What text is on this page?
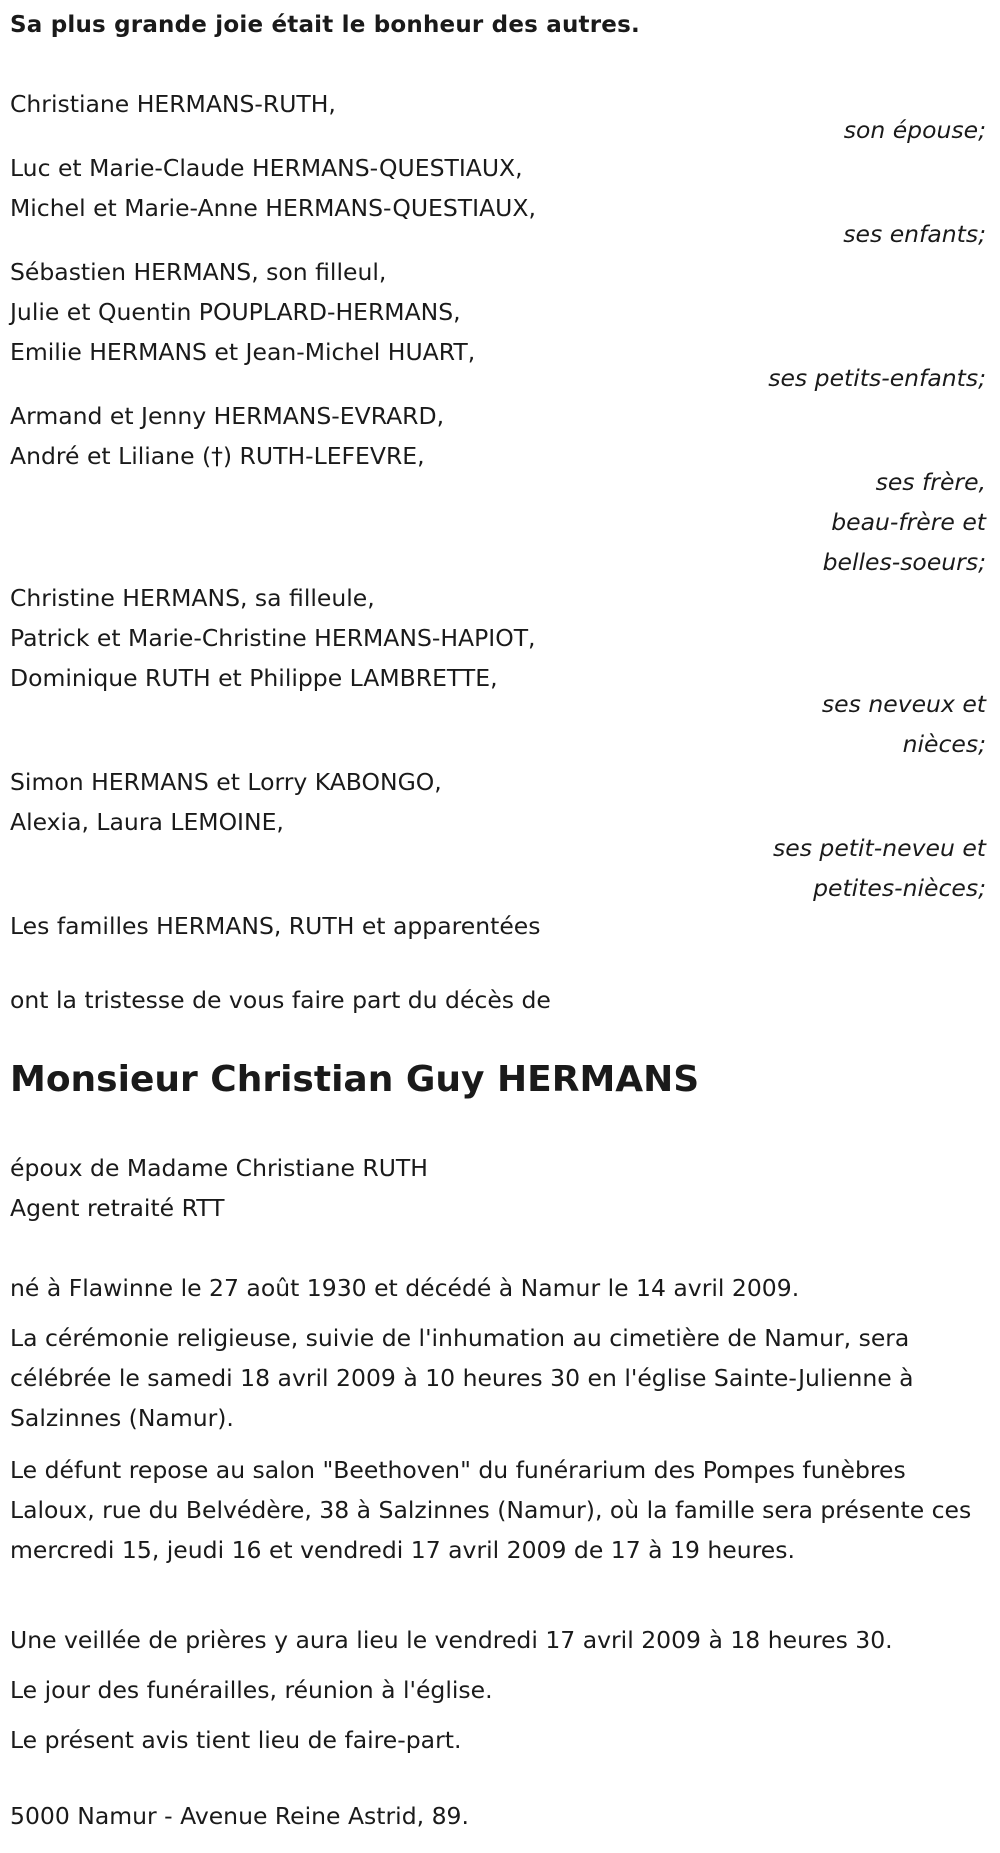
Sa plus grande joie était le bonheur des autres.
Christiane HERMANS-RUTH,
son épouse;
Luc et Marie-Claude HERMANS-QUESTIAUX,
Michel et Marie-Anne HERMANS-QUESTIAUX,
ses enfants;
Sébastien HERMANS, son filleul,
Julie et Quentin POUPLARD-HERMANS,
Emilie HERMANS et Jean-Michel HUART,
ses petits-enfants;
Armand et Jenny HERMANS-EVRARD,
André et Liliane (†) RUTH-LEFEVRE,
ses frère,
beau-frère et
belles-soeurs;
Christine HERMANS, sa filleule,
Patrick et Marie-Christine HERMANS-HAPIOT,
Dominique RUTH et Philippe LAMBRETTE,
ses neveux et
nièces;
Simon HERMANS et Lorry KABONGO,
Alexia, Laura LEMOINE,
ses petit-neveu et
petites-nièces;
Les familles HERMANS, RUTH et apparentées
ont la tristesse de vous faire part du décès de
Monsieur Christian Guy HERMANS
époux de Madame Christiane RUTH
Agent retraité RTT
né à Flawinne le 27 août 1930 et décédé à Namur le 14 avril 2009.
La cérémonie religieuse, suivie de l'inhumation au cimetière de Namur, sera célébrée le samedi 18 avril 2009 à 10 heures 30 en l'église Sainte-Julienne à Salzinnes (Namur).
Le défunt repose au salon "Beethoven" du funérarium des Pompes funèbres Laloux, rue du Belvédère, 38 à Salzinnes (Namur), où la famille sera présente ces mercredi 15, jeudi 16 et vendredi 17 avril 2009 de 17 à 19 heures.
Une veillée de prières y aura lieu le vendredi 17 avril 2009 à 18 heures 30.
Le jour des funérailles, réunion à l'église.
Le présent avis tient lieu de faire-part.
5000 Namur - Avenue Reine Astrid, 89.
